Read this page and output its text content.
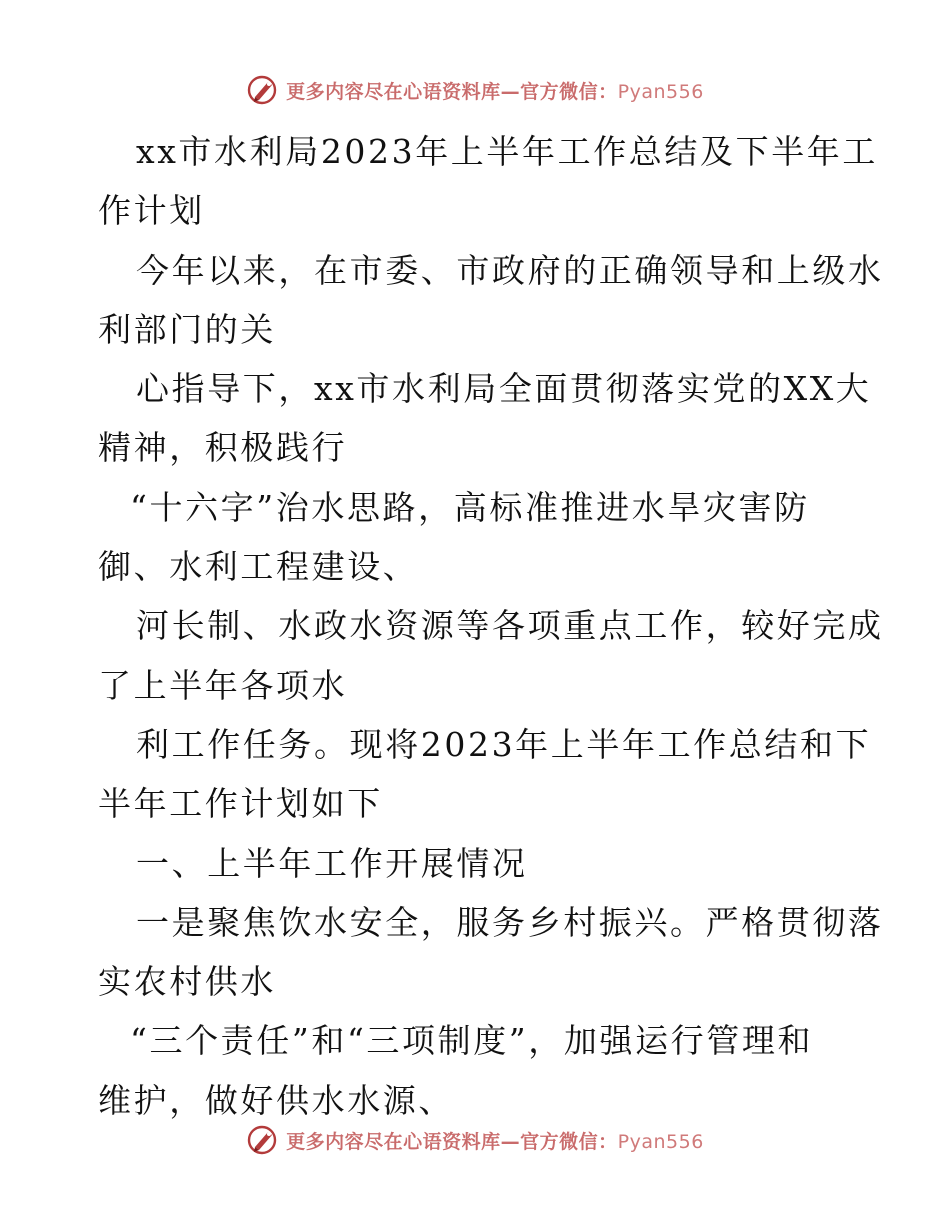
更多内容尽在心语资料库—官方微信：Pyan556
xx市水利局2023年上半年工作总结及下半年工
作计划
今年以来，在市委、市政府的正确领导和上级水
利部门的关
心指导下，xx市水利局全面贯彻落实党的XX大
精神，积极践行
“十六字”治水思路，高标准推进水旱灾害防
御、水利工程建设、
河长制、水政水资源等各项重点工作，较好完成
了上半年各项水
利工作任务。现将2023年上半年工作总结和下
半年工作计划如下
一、上半年工作开展情况
一是聚焦饮水安全，服务乡村振兴。严格贯彻落
实农村供水
“三个责任”和“三项制度”，加强运行管理和
维护，做好供水水源、
更多内容尽在心语资料库—官方微信：Pyan556
